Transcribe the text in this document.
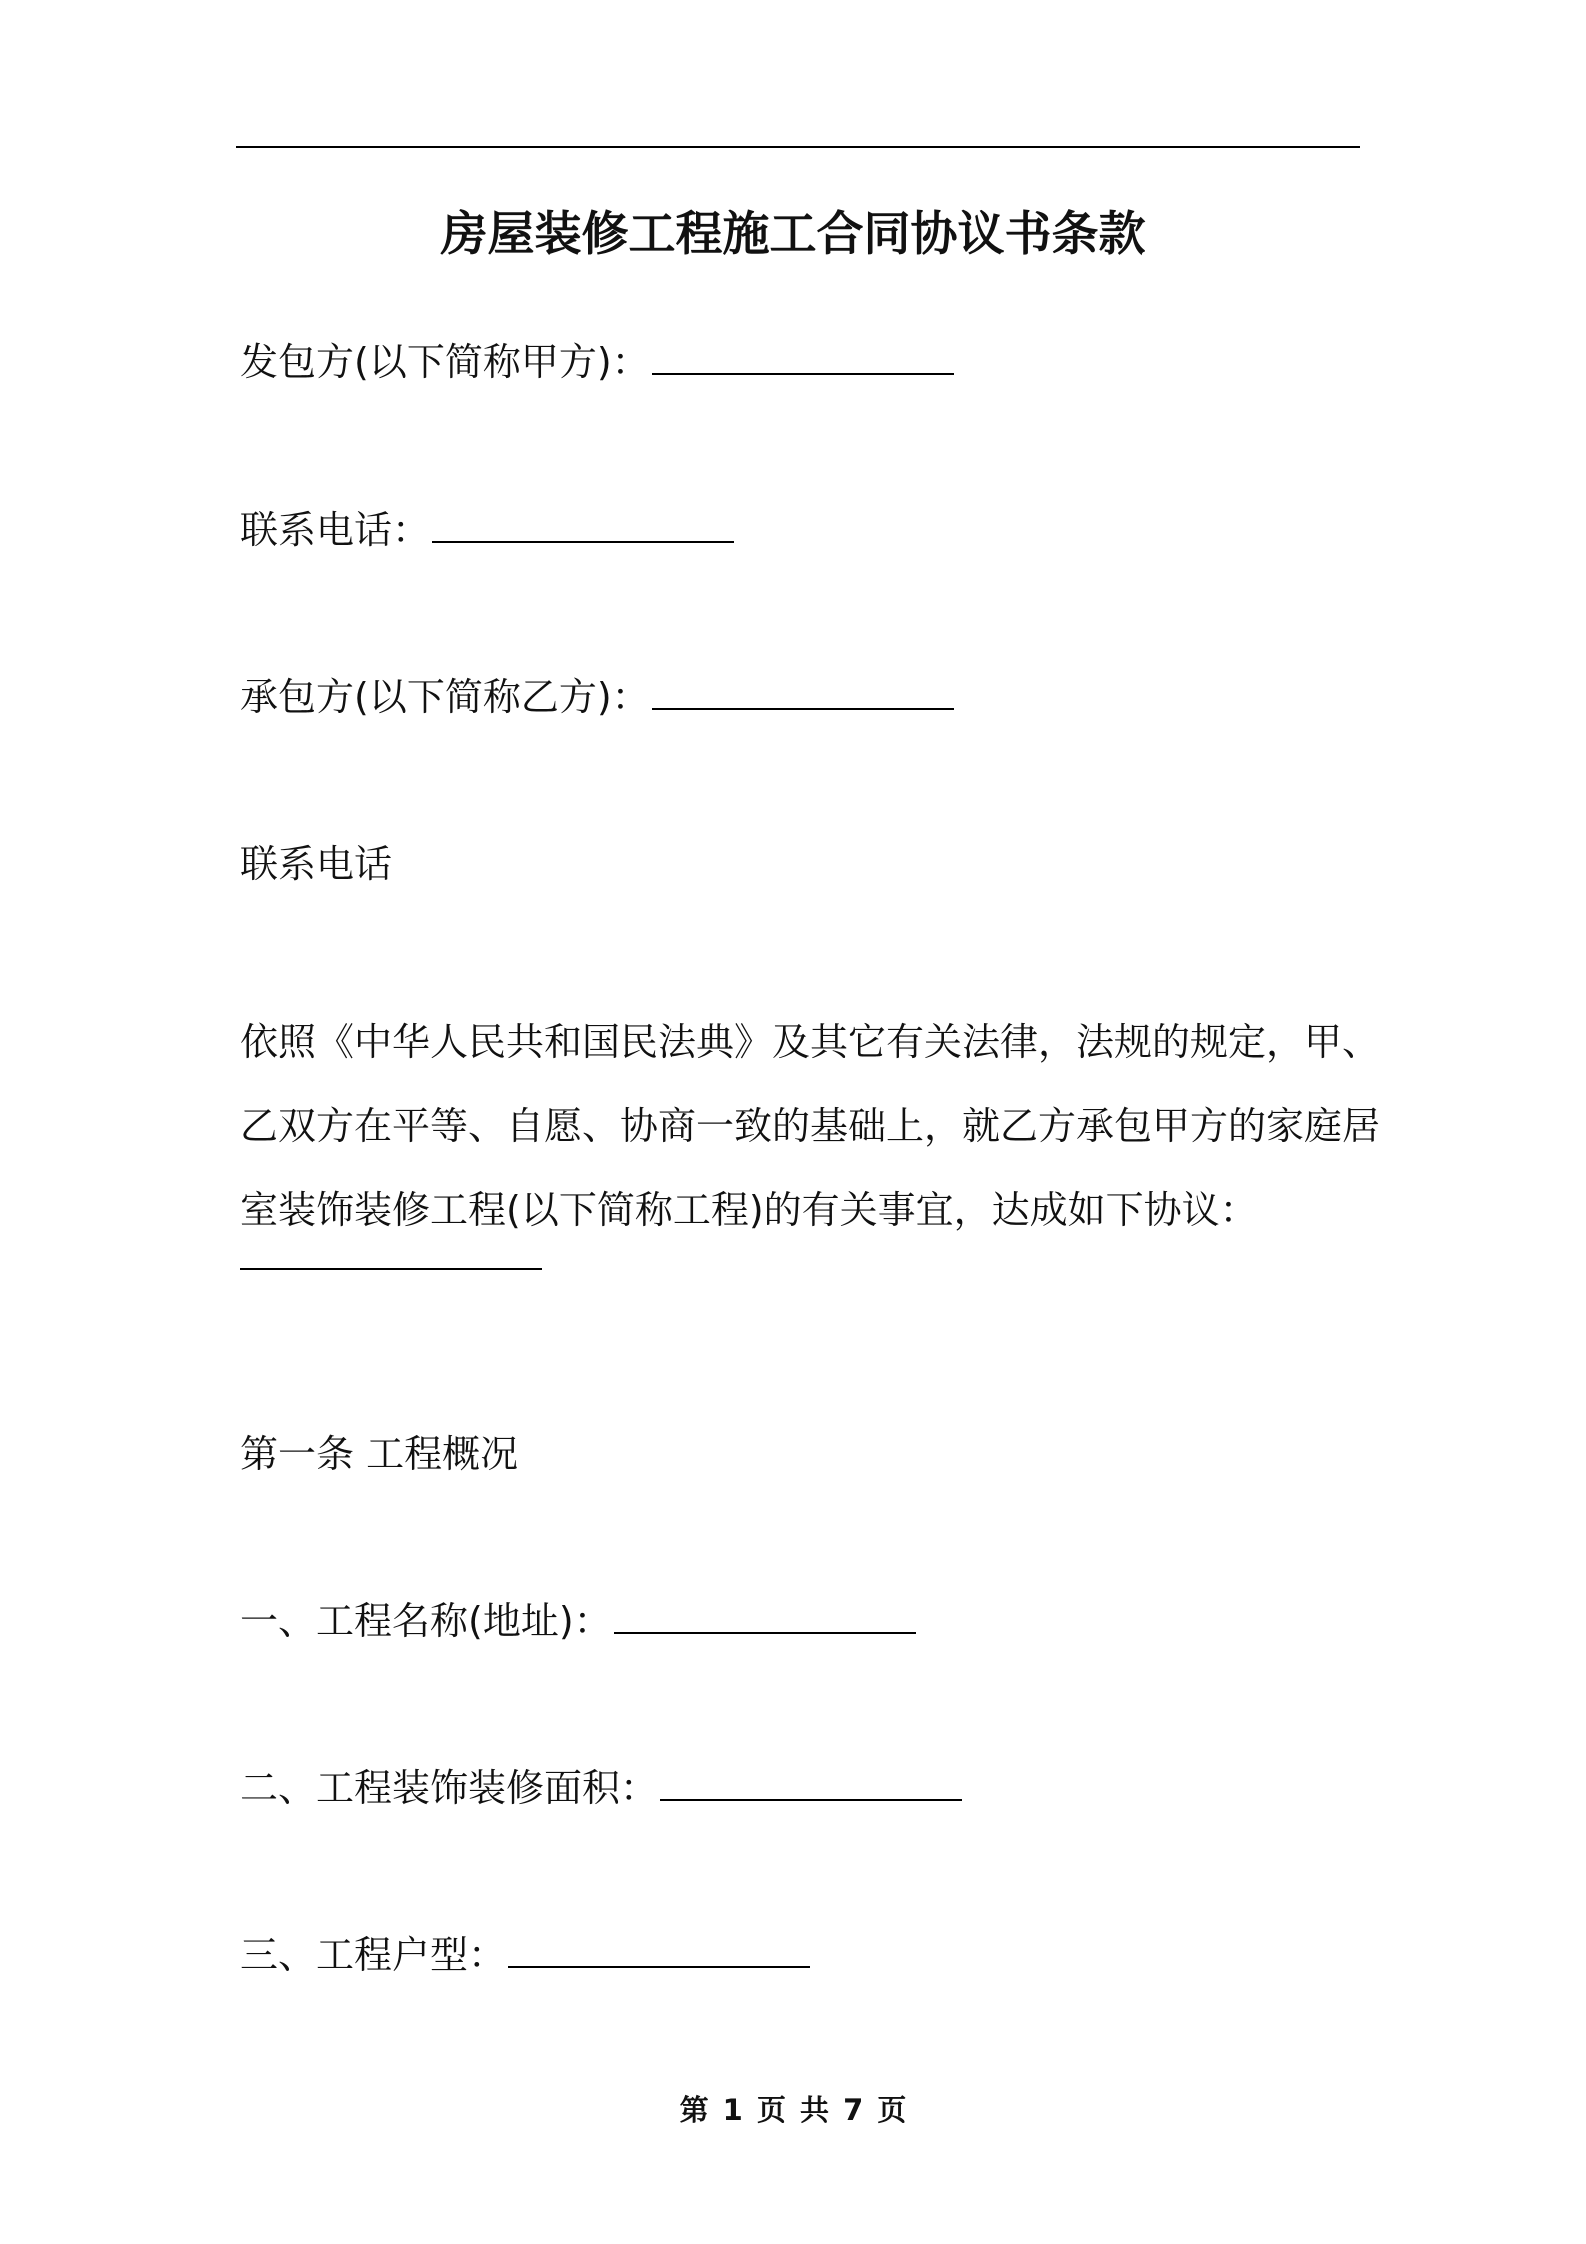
房屋装修工程施工合同协议书条款
发包方(以下简称甲方)：
联系电话：
承包方(以下简称乙方)：
联系电话
依照《中华人民共和国民法典》及其它有关法律，法规的规定，甲、
乙双方在平等、自愿、协商一致的基础上，就乙方承包甲方的家庭居
室装饰装修工程(以下简称工程)的有关事宜，达成如下协议：
第一条 工程概况
一、工程名称(地址)：
二、工程装饰装修面积：
三、工程户型：
第 1 页 共 7 页
